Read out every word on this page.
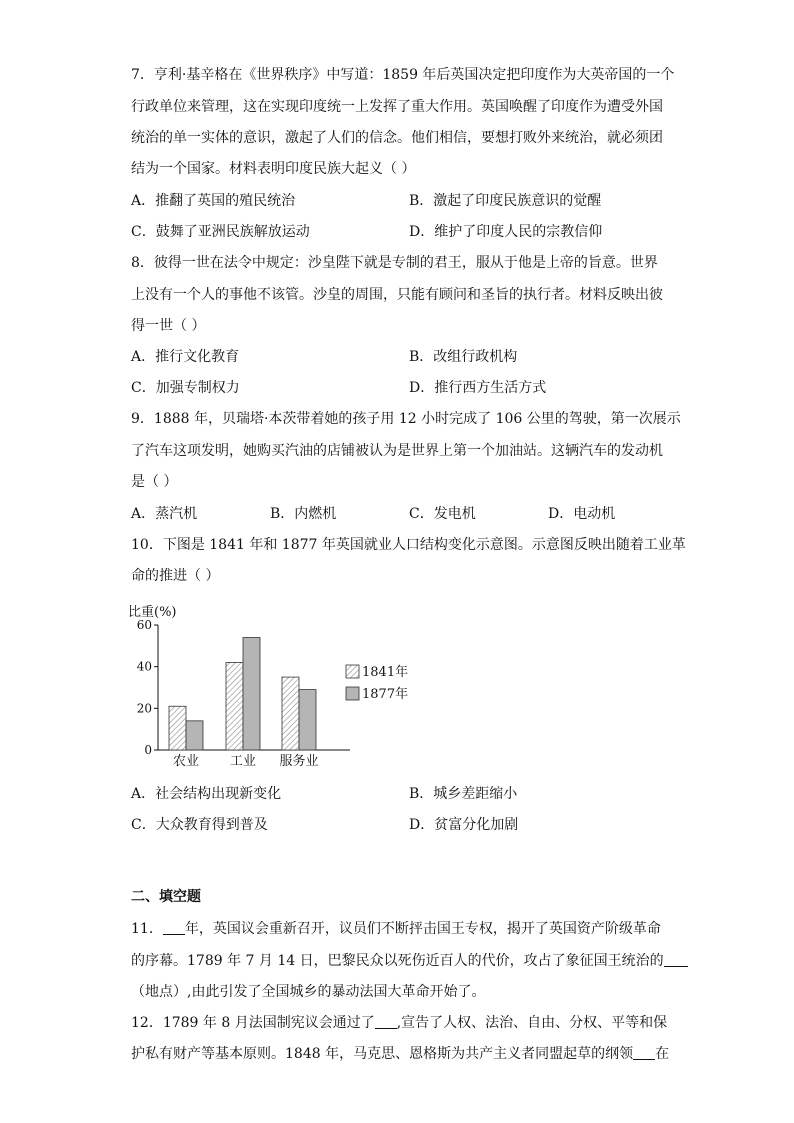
7．亨利·基辛格在《世界秩序》中写道：1859 年后英国决定把印度作为大英帝国的一个
行政单位来管理，这在实现印度统一上发挥了重大作用。英国唤醒了印度作为遭受外国
统治的单一实体的意识，激起了人们的信念。他们相信，要想打败外来统治，就必须团
结为一个国家。材料表明印度民族大起义（ ）
A．推翻了英国的殖民统治	B．激起了印度民族意识的觉醒
C．鼓舞了亚洲民族解放运动	D．维护了印度人民的宗教信仰
8．彼得一世在法令中规定：沙皇陛下就是专制的君王，服从于他是上帝的旨意。世界
上没有一个人的事他不该管。沙皇的周围，只能有顾问和圣旨的执行者。材料反映出彼
得一世（ ）
A．推行文化教育	B．改组行政机构
C．加强专制权力	D．推行西方生活方式
9．1888 年，贝瑞塔·本茨带着她的孩子用 12 小时完成了 106 公里的驾驶，第一次展示
了汽车这项发明，她购买汽油的店铺被认为是世界上第一个加油站。这辆汽车的发动机
是（ ）
A．蒸汽机	B．内燃机	C．发电机	D．电动机
10．下图是 1841 年和 1877 年英国就业人口结构变化示意图。示意图反映出随着工业革
命的推进（ ）
比重(%)
0
20
40
60
农业 工业 服务业
1841年
1877年
A．社会结构出现新变化	B．城乡差距缩小
C．大众教育得到普及	D．贫富分化加剧
二、填空题
11． 年，英国议会重新召开，议员们不断抨击国王专权，揭开了英国资产阶级革命
的序幕。1789 年 7 月 14 日，巴黎民众以死伤近百人的代价，攻占了象征国王统治的
（地点）,由此引发了全国城乡的暴动法国大革命开始了。
12．1789 年 8 月法国制宪议会通过了 ,宣告了人权、法治、自由、分权、平等和保
护私有财产等基本原则。1848 年，马克思、恩格斯为共产主义者同盟起草的纲领 在
